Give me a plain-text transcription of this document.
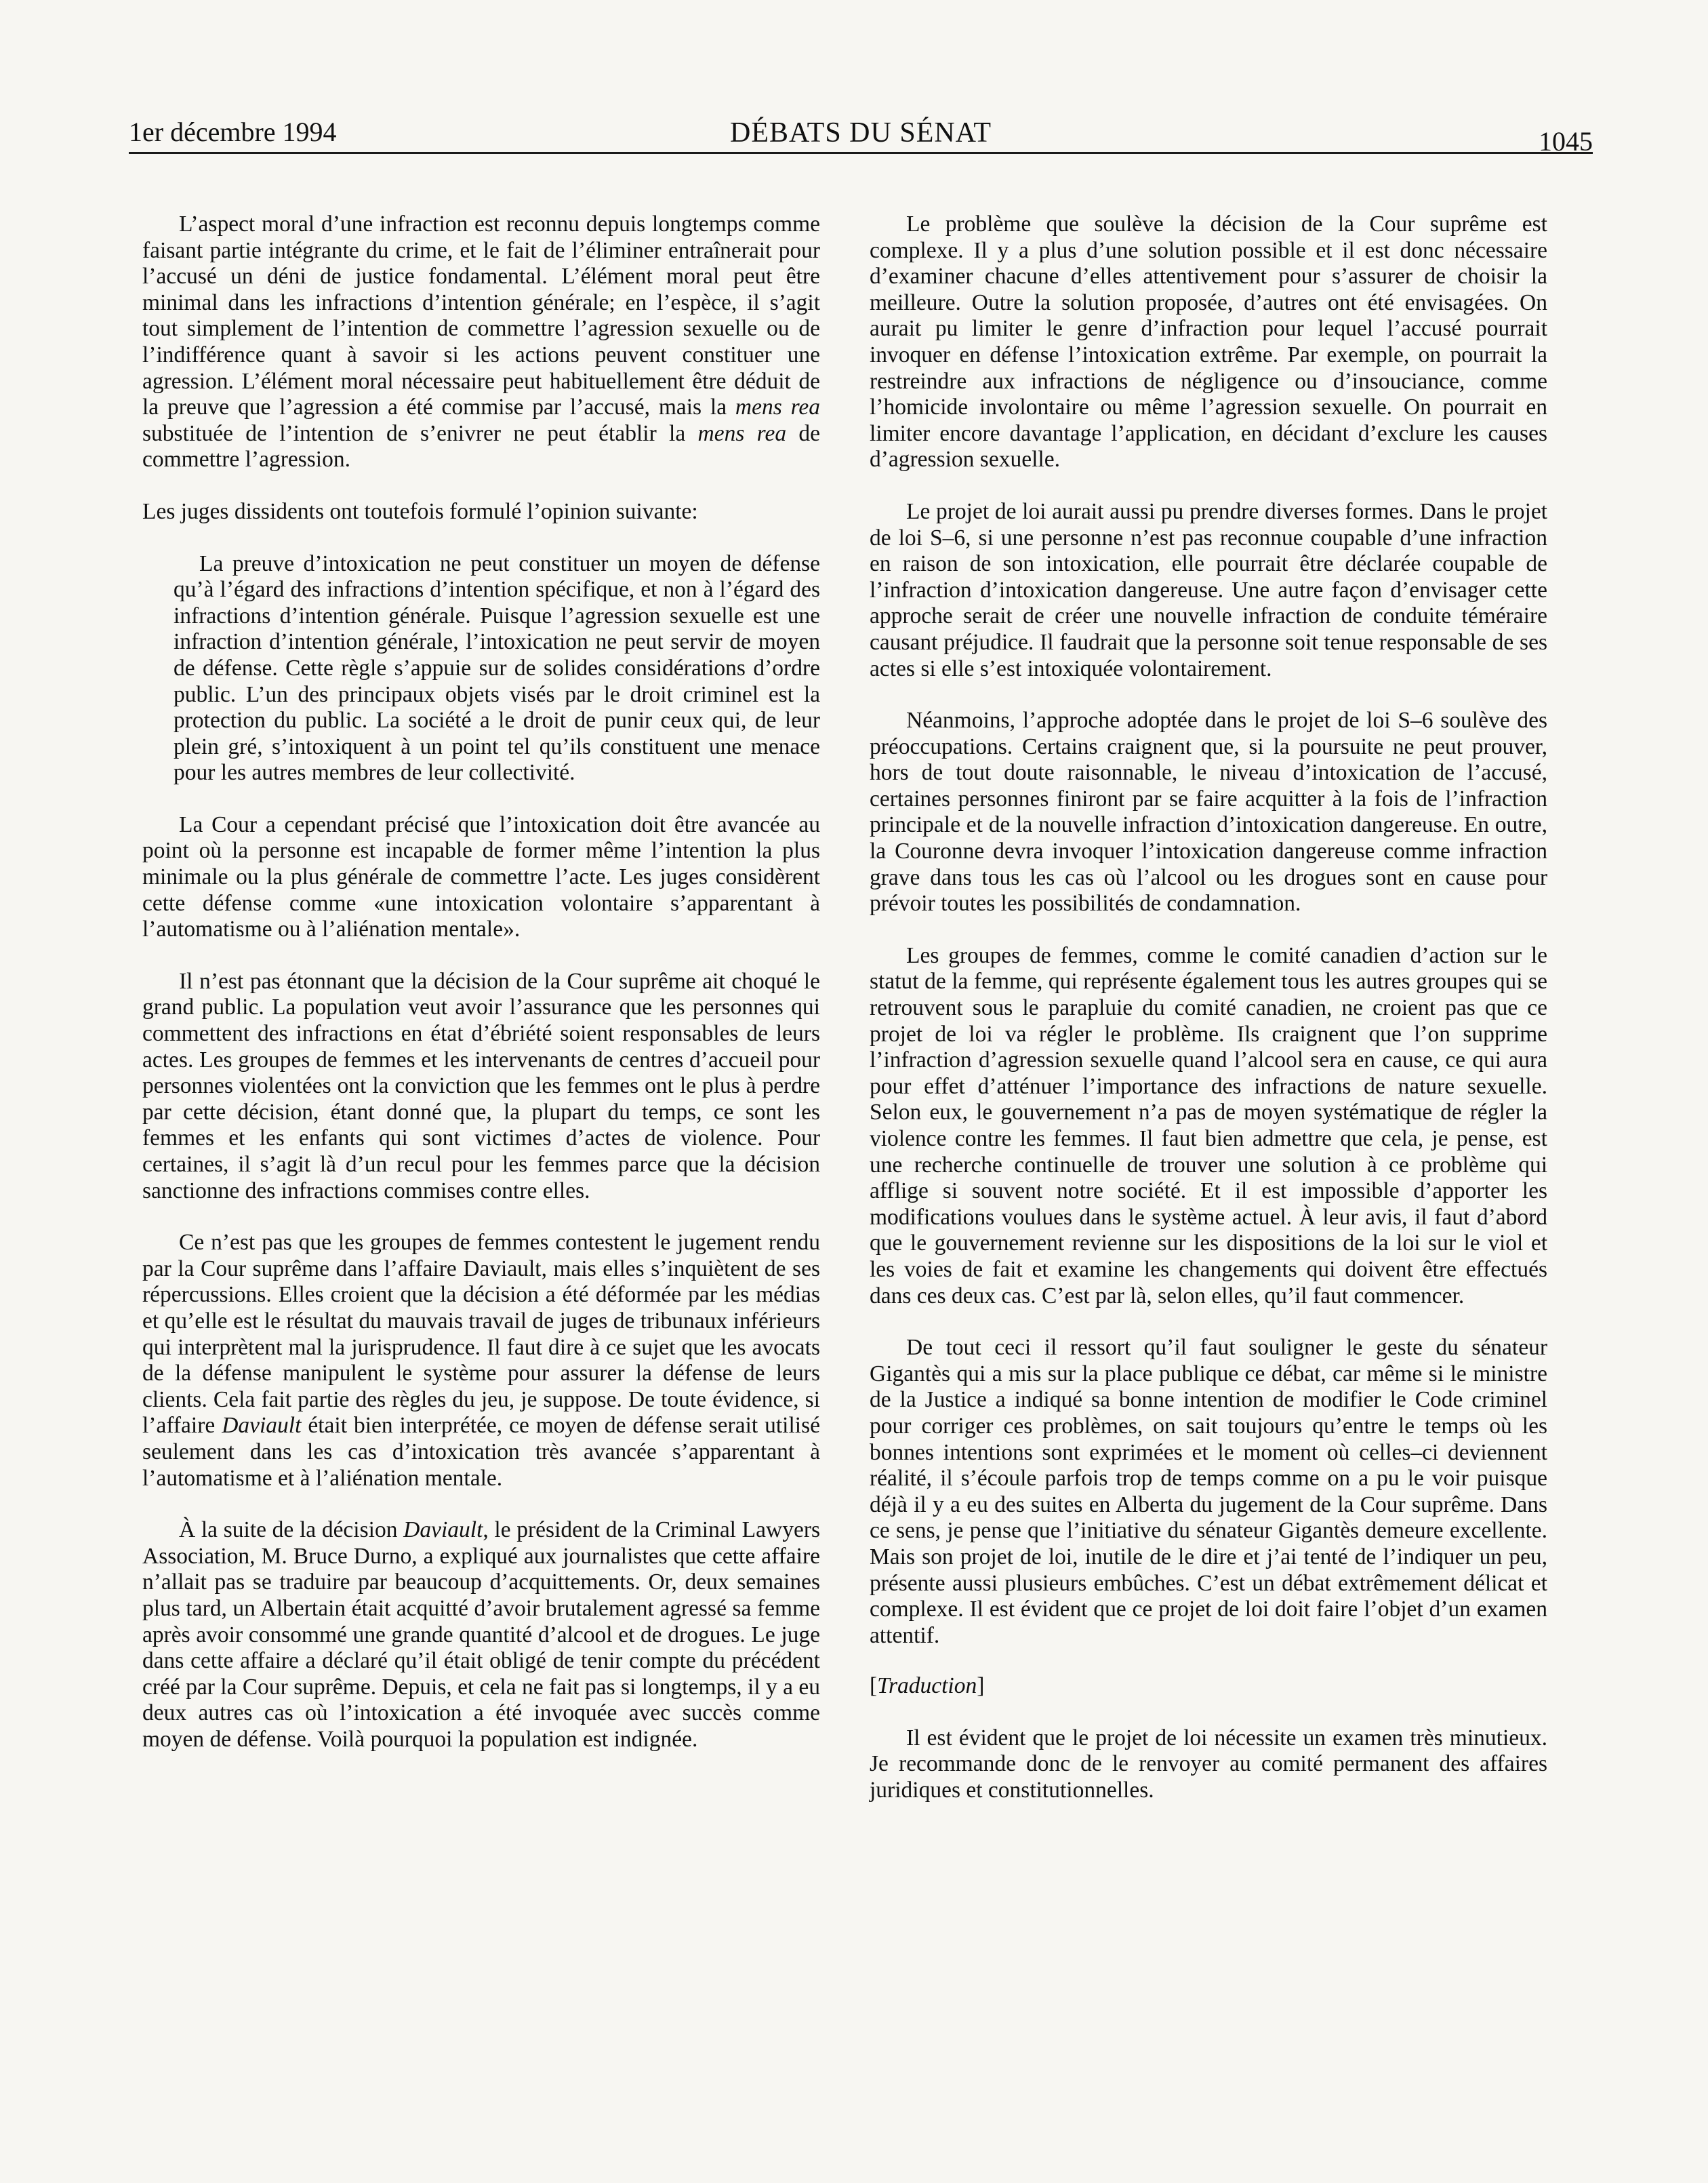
1er décembre 1994	DÉBATS DU SÉNAT	1045

L’aspect moral d’une infraction est reconnu depuis longtemps comme faisant partie intégrante du crime, et le fait de l’éliminer entraînerait pour l’accusé un déni de justice fondamental. L’élément moral peut être minimal dans les infractions d’intention générale; en l’espèce, il s’agit tout simplement de l’intention de commettre l’agression sexuelle ou de l’indifférence quant à savoir si les actions peuvent constituer une agression. L’élément moral nécessaire peut habituellement être déduit de la preuve que l’agression a été commise par l’accusé, mais la mens rea substituée de l’intention de s’enivrer ne peut établir la mens rea de commettre l’agression.

Les juges dissidents ont toutefois formulé l’opinion suivante:

La preuve d’intoxication ne peut constituer un moyen de défense qu’à l’égard des infractions d’intention spécifique, et non à l’égard des infractions d’intention générale. Puisque l’agression sexuelle est une infraction d’intention générale, l’intoxication ne peut servir de moyen de défense. Cette règle s’appuie sur de solides considérations d’ordre public. L’un des principaux objets visés par le droit criminel est la protection du public. La société a le droit de punir ceux qui, de leur plein gré, s’intoxiquent à un point tel qu’ils constituent une menace pour les autres membres de leur collectivité.

La Cour a cependant précisé que l’intoxication doit être avancée au point où la personne est incapable de former même l’intention la plus minimale ou la plus générale de commettre l’acte. Les juges considèrent cette défense comme «une intoxication volontaire s’apparentant à l’automatisme ou à l’aliénation mentale».

Il n’est pas étonnant que la décision de la Cour suprême ait choqué le grand public. La population veut avoir l’assurance que les personnes qui commettent des infractions en état d’ébriété soient responsables de leurs actes. Les groupes de femmes et les intervenants de centres d’accueil pour personnes violentées ont la conviction que les femmes ont le plus à perdre par cette décision, étant donné que, la plupart du temps, ce sont les femmes et les enfants qui sont victimes d’actes de violence. Pour certaines, il s’agit là d’un recul pour les femmes parce que la décision sanctionne des infractions commises contre elles.

Ce n’est pas que les groupes de femmes contestent le jugement rendu par la Cour suprême dans l’affaire Daviault, mais elles s’inquiètent de ses répercussions. Elles croient que la décision a été déformée par les médias et qu’elle est le résultat du mauvais travail de juges de tribunaux inférieurs qui interprètent mal la jurisprudence. Il faut dire à ce sujet que les avocats de la défense manipulent le système pour assurer la défense de leurs clients. Cela fait partie des règles du jeu, je suppose. De toute évidence, si l’affaire Daviault était bien interprétée, ce moyen de défense serait utilisé seulement dans les cas d’intoxication très avancée s’apparentant à l’automatisme et à l’aliénation mentale.

À la suite de la décision Daviault, le président de la Criminal Lawyers Association, M. Bruce Durno, a expliqué aux journalistes que cette affaire n’allait pas se traduire par beaucoup d’acquittements. Or, deux semaines plus tard, un Albertain était acquitté d’avoir brutalement agressé sa femme après avoir consommé une grande quantité d’alcool et de drogues. Le juge dans cette affaire a déclaré qu’il était obligé de tenir compte du précédent créé par la Cour suprême. Depuis, et cela ne fait pas si longtemps, il y a eu deux autres cas où l’intoxication a été invoquée avec succès comme moyen de défense. Voilà pourquoi la population est indignée.

Le problème que soulève la décision de la Cour suprême est complexe. Il y a plus d’une solution possible et il est donc nécessaire d’examiner chacune d’elles attentivement pour s’assurer de choisir la meilleure. Outre la solution proposée, d’autres ont été envisagées. On aurait pu limiter le genre d’infraction pour lequel l’accusé pourrait invoquer en défense l’intoxication extrême. Par exemple, on pourrait la restreindre aux infractions de négligence ou d’insouciance, comme l’homicide involontaire ou même l’agression sexuelle. On pourrait en limiter encore davantage l’application, en décidant d’exclure les causes d’agression sexuelle.

Le projet de loi aurait aussi pu prendre diverses formes. Dans le projet de loi S–6, si une personne n’est pas reconnue coupable d’une infraction en raison de son intoxication, elle pourrait être déclarée coupable de l’infraction d’intoxication dangereuse. Une autre façon d’envisager cette approche serait de créer une nouvelle infraction de conduite téméraire causant préjudice. Il faudrait que la personne soit tenue responsable de ses actes si elle s’est intoxiquée volontairement.

Néanmoins, l’approche adoptée dans le projet de loi S–6 soulève des préoccupations. Certains craignent que, si la poursuite ne peut prouver, hors de tout doute raisonnable, le niveau d’intoxication de l’accusé, certaines personnes finiront par se faire acquitter à la fois de l’infraction principale et de la nouvelle infraction d’intoxication dangereuse. En outre, la Couronne devra invoquer l’intoxication dangereuse comme infraction grave dans tous les cas où l’alcool ou les drogues sont en cause pour prévoir toutes les possibilités de condamnation.

Les groupes de femmes, comme le comité canadien d’action sur le statut de la femme, qui représente également tous les autres groupes qui se retrouvent sous le parapluie du comité canadien, ne croient pas que ce projet de loi va régler le problème. Ils craignent que l’on supprime l’infraction d’agression sexuelle quand l’alcool sera en cause, ce qui aura pour effet d’atténuer l’importance des infractions de nature sexuelle. Selon eux, le gouvernement n’a pas de moyen systématique de régler la violence contre les femmes. Il faut bien admettre que cela, je pense, est une recherche continuelle de trouver une solution à ce problème qui afflige si souvent notre société. Et il est impossible d’apporter les modifications voulues dans le système actuel. À leur avis, il faut d’abord que le gouvernement revienne sur les dispositions de la loi sur le viol et les voies de fait et examine les changements qui doivent être effectués dans ces deux cas. C’est par là, selon elles, qu’il faut commencer.

De tout ceci il ressort qu’il faut souligner le geste du sénateur Gigantès qui a mis sur la place publique ce débat, car même si le ministre de la Justice a indiqué sa bonne intention de modifier le Code criminel pour corriger ces problèmes, on sait toujours qu’entre le temps où les bonnes intentions sont exprimées et le moment où celles–ci deviennent réalité, il s’écoule parfois trop de temps comme on a pu le voir puisque déjà il y a eu des suites en Alberta du jugement de la Cour suprême. Dans ce sens, je pense que l’initiative du sénateur Gigantès demeure excellente. Mais son projet de loi, inutile de le dire et j’ai tenté de l’indiquer un peu, présente aussi plusieurs embûches. C’est un débat extrêmement délicat et complexe. Il est évident que ce projet de loi doit faire l’objet d’un examen attentif.

[Traduction]

Il est évident que le projet de loi nécessite un examen très minutieux. Je recommande donc de le renvoyer au comité permanent des affaires juridiques et constitutionnelles.
